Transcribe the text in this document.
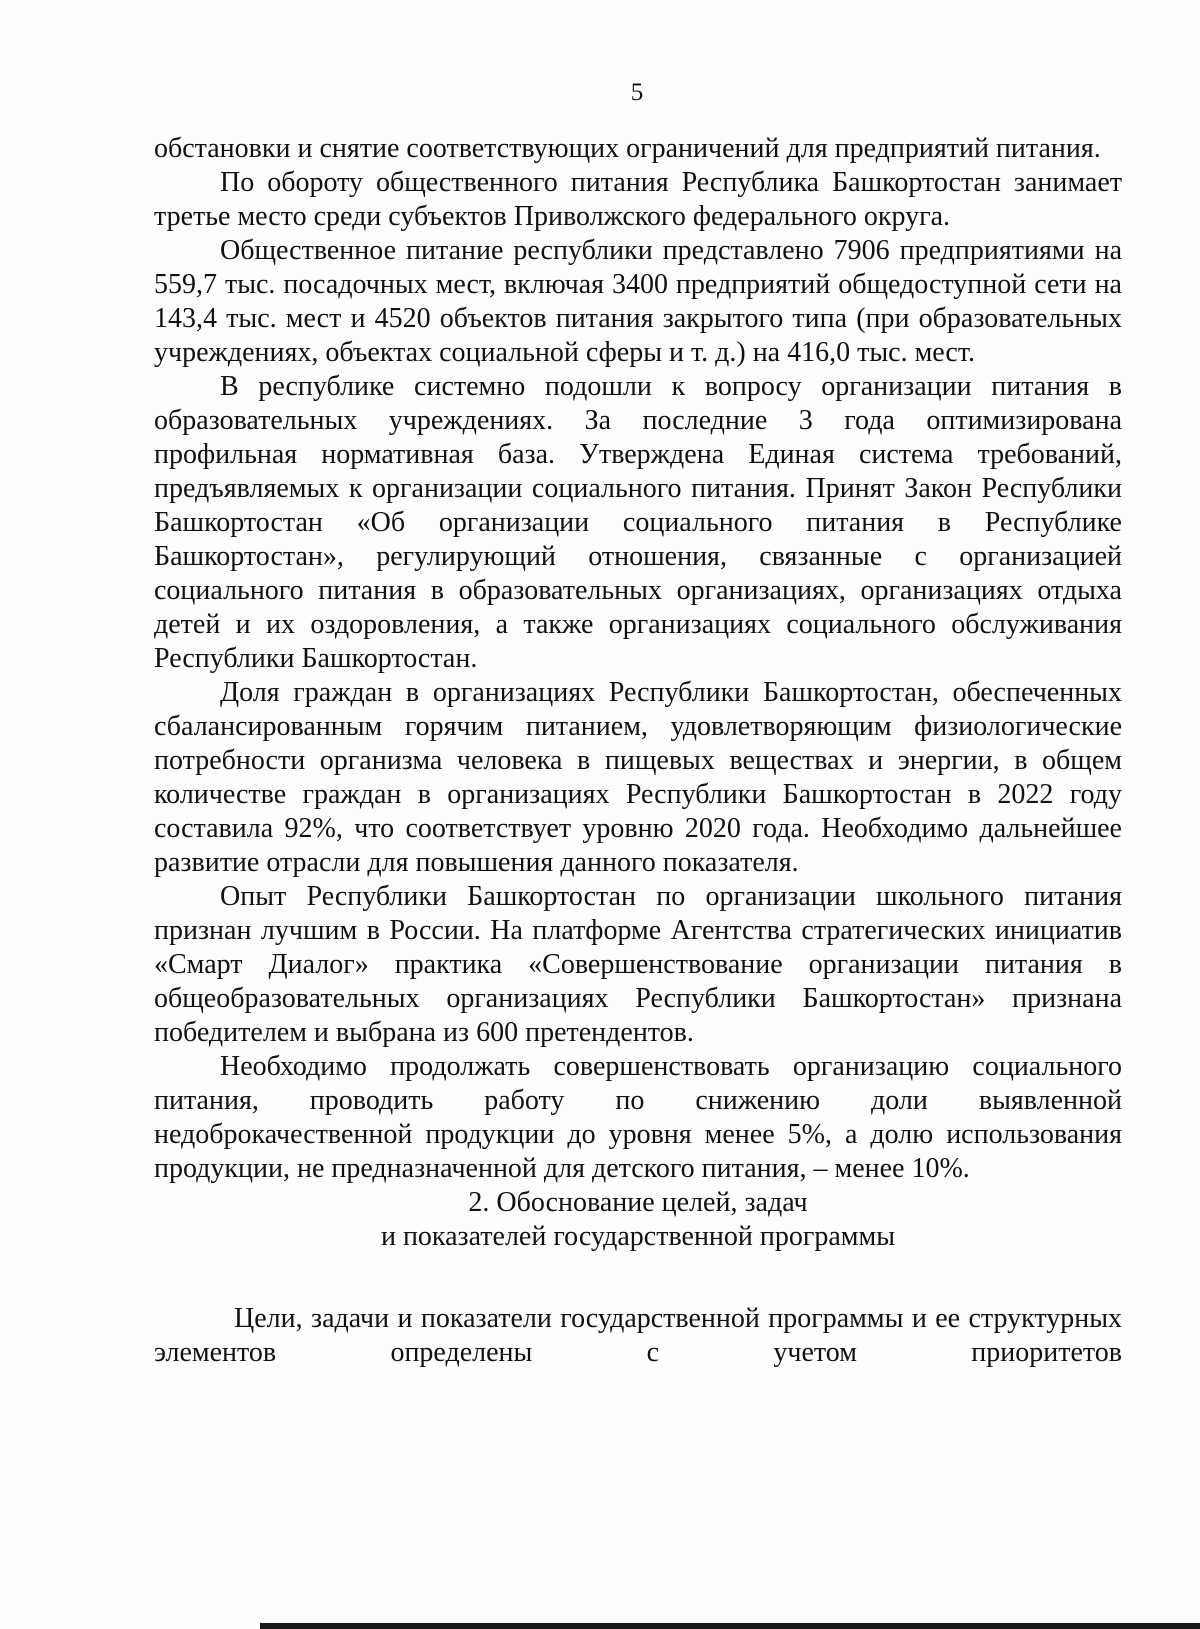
5

обстановки и снятие соответствующих ограничений для предприятий питания.

По обороту общественного питания Республика Башкортостан занимает третье место среди субъектов Приволжского федерального округа.

Общественное питание республики представлено 7906 предприятиями на 559,7 тыс. посадочных мест, включая 3400 предприятий общедоступной сети на 143,4 тыс. мест и 4520 объектов питания закрытого типа (при образовательных учреждениях, объектах социальной сферы и т. д.) на 416,0 тыс. мест.

В республике системно подошли к вопросу организации питания в образовательных учреждениях. За последние 3 года оптимизирована профильная нормативная база. Утверждена Единая система требований, предъявляемых к организации социального питания. Принят Закон Республики Башкортостан «Об организации социального питания в Республике Башкортостан», регулирующий отношения, связанные с организацией социального питания в образовательных организациях, организациях отдыха детей и их оздоровления, а также организациях социального обслуживания Республики Башкортостан.

Доля граждан в организациях Республики Башкортостан, обеспеченных сбалансированным горячим питанием, удовлетворяющим физиологические потребности организма человека в пищевых веществах и энергии, в общем количестве граждан в организациях Республики Башкортостан в 2022 году составила 92%, что соответствует уровню 2020 года. Необходимо дальнейшее развитие отрасли для повышения данного показателя.

Опыт Республики Башкортостан по организации школьного питания признан лучшим в России. На платформе Агентства стратегических инициатив «Смарт Диалог» практика «Совершенствование организации питания в общеобразовательных организациях Республики Башкортостан» признана победителем и выбрана из 600 претендентов.

Необходимо продолжать совершенствовать организацию социального питания, проводить работу по снижению доли выявленной недоброкачественной продукции до уровня менее 5%, а долю использования продукции, не предназначенной для детского питания, – менее 10%.

2. Обоснование целей, задач
и показателей государственной программы

Цели, задачи и показатели государственной программы и ее структурных элементов определены с учетом приоритетов
